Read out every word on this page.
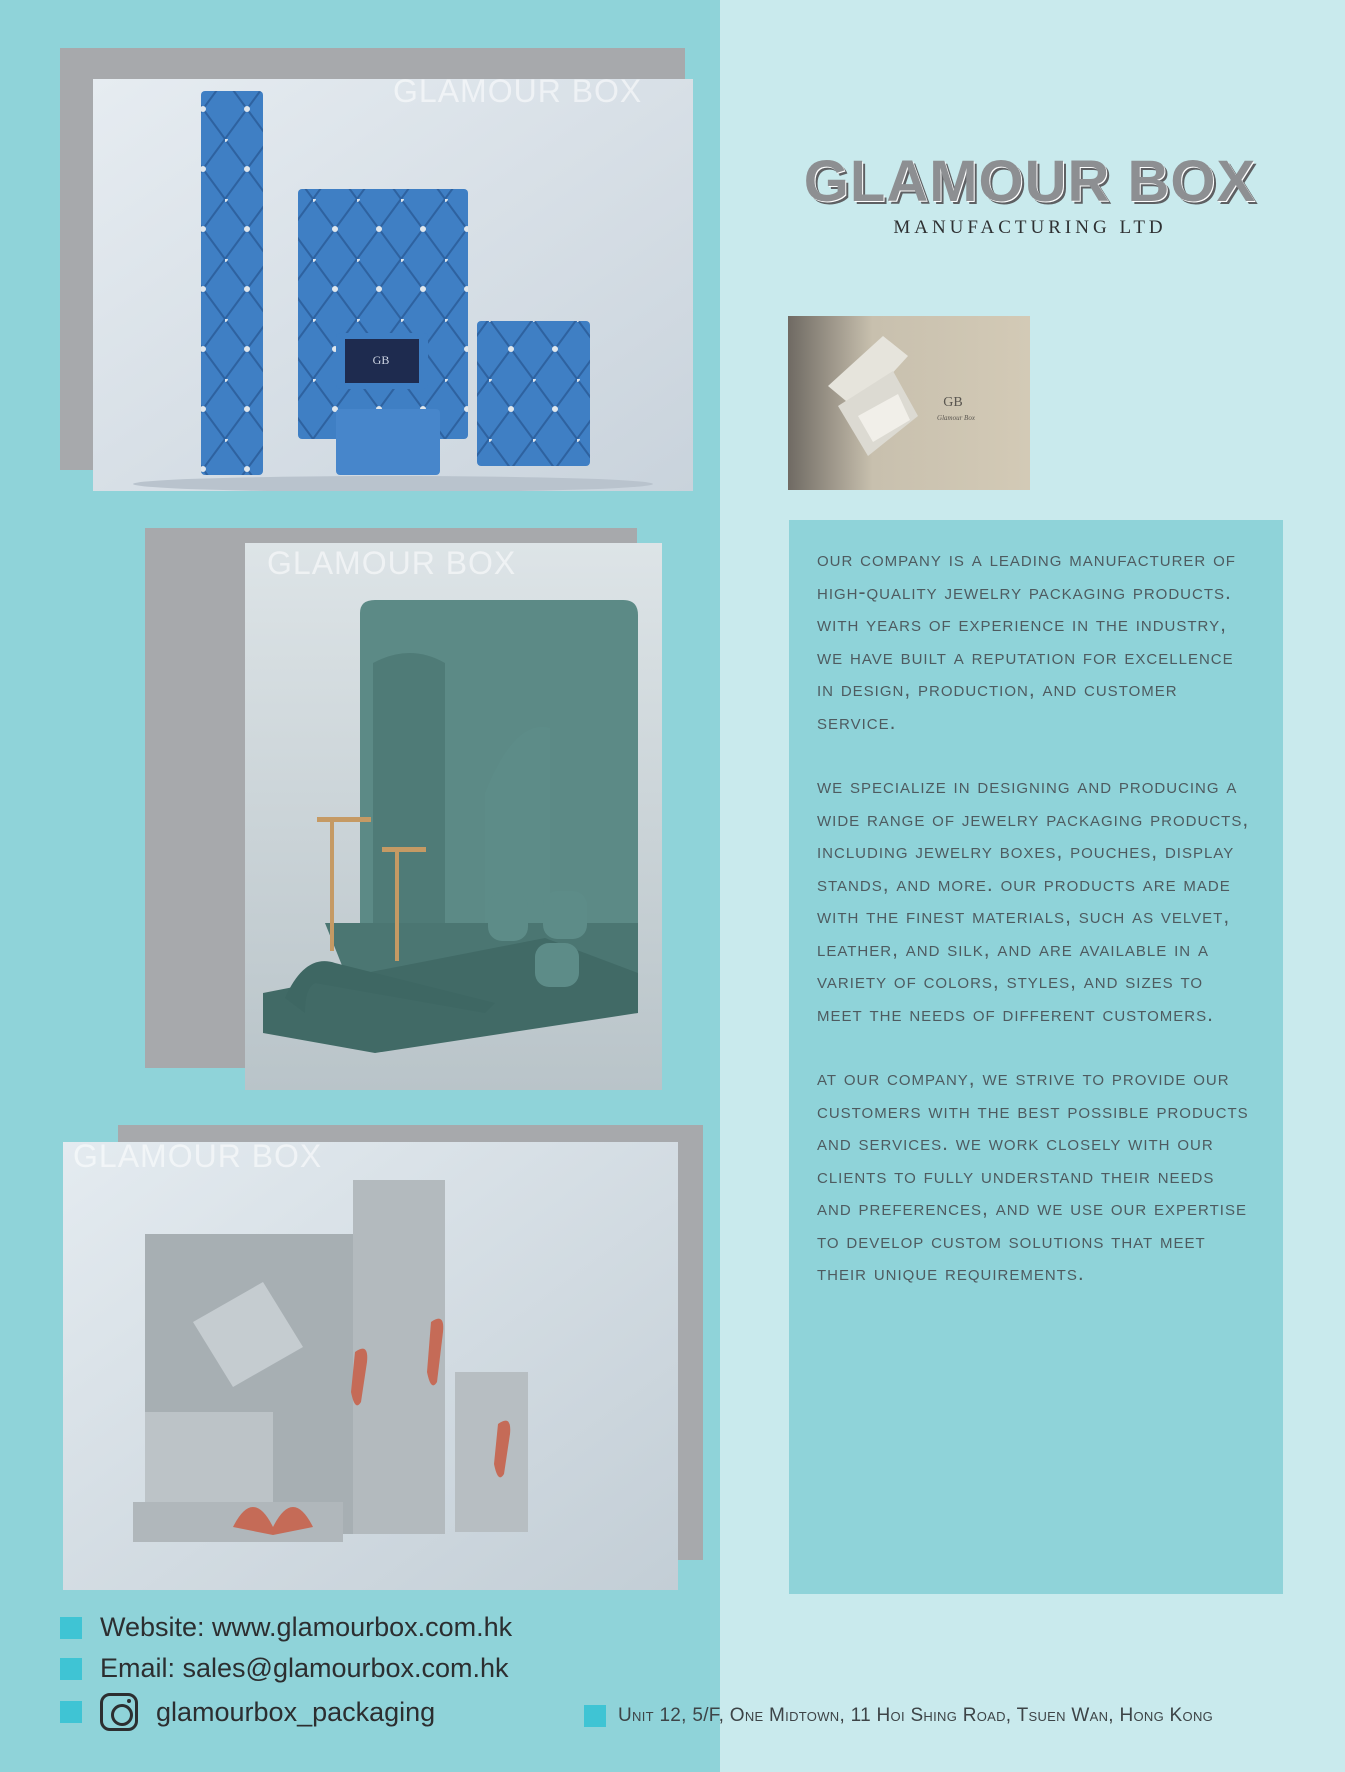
GB
GLAMOUR BOX
GLAMOUR BOX
GLAMOUR BOX
GLAMOUR BOX
MANUFACTURING LTD
GB
Glamour Box

our company is a leading manufacturer of high-quality jewelry packaging products. with years of experience in the industry, we have built a reputation for excellence in design, production, and customer service.

we specialize in designing and producing a wide range of jewelry packaging products, including jewelry boxes, pouches, display stands, and more. our products are made with the finest materials, such as velvet, leather, and silk, and are available in a variety of colors, styles, and sizes to meet the needs of different customers.

at our company, we strive to provide our customers with the best possible products and services. we work closely with our clients to fully understand their needs and preferences, and we use our expertise to develop custom solutions that meet their unique requirements.

Website: www.glamourbox.com.hk
Email: sales@glamourbox.com.hk
glamourbox_packaging	Unit 12, 5/F, One Midtown, 11 Hoi Shing Road, Tsuen Wan, Hong Kong
